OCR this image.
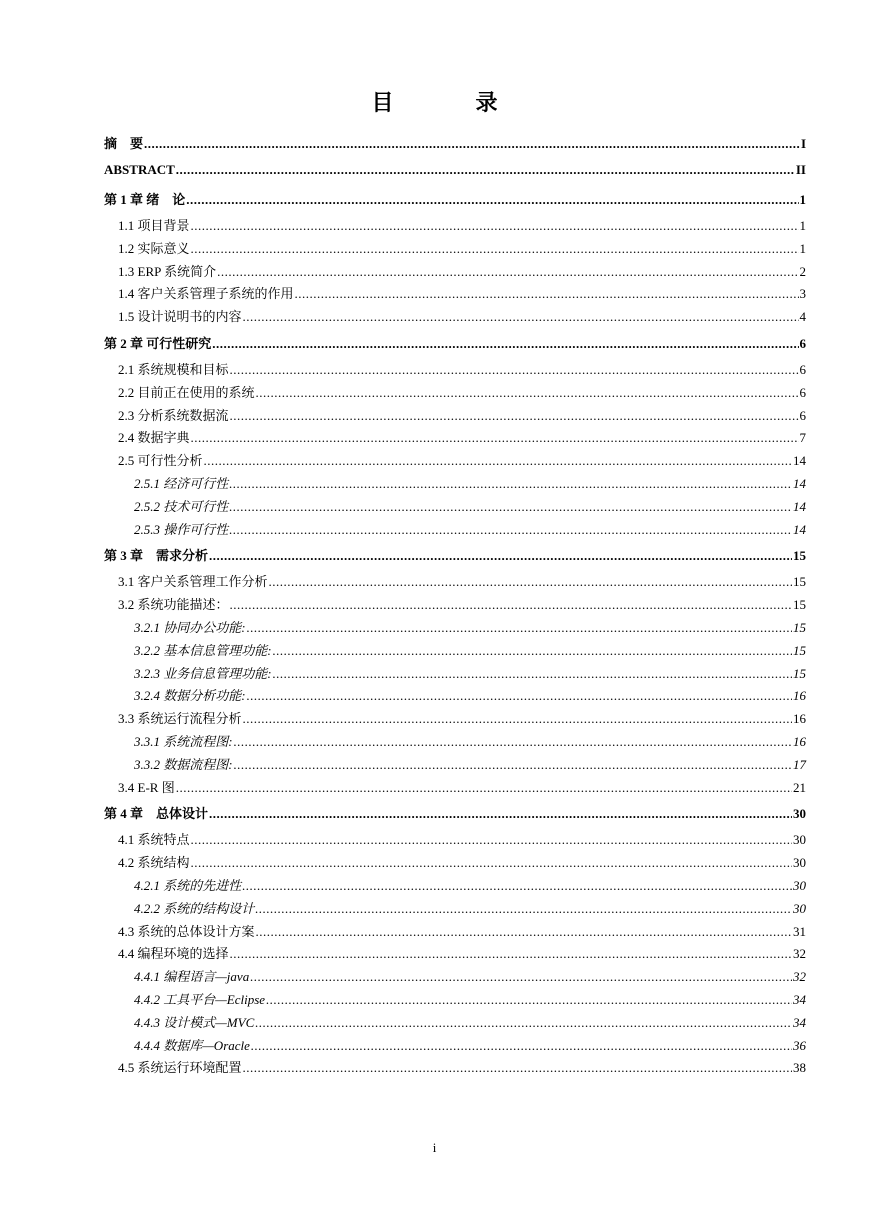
目　录
摘　要 .....	I
ABSTRACT .....	II
第 1 章 绪　论 .....	1
1.1 项目背景 .....	1
1.2 实际意义 .....	1
1.3 ERP 系统简介 .....	2
1.4 客户关系管理子系统的作用 .....	3
1.5 设计说明书的内容 .....	4
第 2 章 可行性研究 .....	6
2.1 系统规模和目标 .....	6
2.2 目前正在使用的系统 .....	6
2.3 分析系统数据流 .....	6
2.4 数据字典 .....	7
2.5 可行性分析 .....	14
2.5.1 经济可行性 .....	14
2.5.2 技术可行性 .....	14
2.5.3 操作可行性 .....	14
第 3 章　需求分析 .....	15
3.1 客户关系管理工作分析 .....	15
3.2 系统功能描述： .....	15
3.2.1 协同办公功能: .....	15
3.2.2 基本信息管理功能: .....	15
3.2.3 业务信息管理功能: .....	15
3.2.4 数据分析功能: .....	16
3.3 系统运行流程分析 .....	16
3.3.1 系统流程图: .....	16
3.3.2 数据流程图: .....	17
3.4 E-R 图 .....	21
第 4 章　总体设计 .....	30
4.1 系统特点 .....	30
4.2 系统结构 .....	30
4.2.1 系统的先进性 .....	30
4.2.2 系统的结构设计 .....	30
4.3 系统的总体设计方案 .....	31
4.4 编程环境的选择 .....	32
4.4.1 编程语言—java .....	32
4.4.2 工具平台—Eclipse .....	34
4.4.3 设计模式—MVC .....	34
4.4.4 数据库—Oracle .....	36
4.5 系统运行环境配置 .....	38
i
